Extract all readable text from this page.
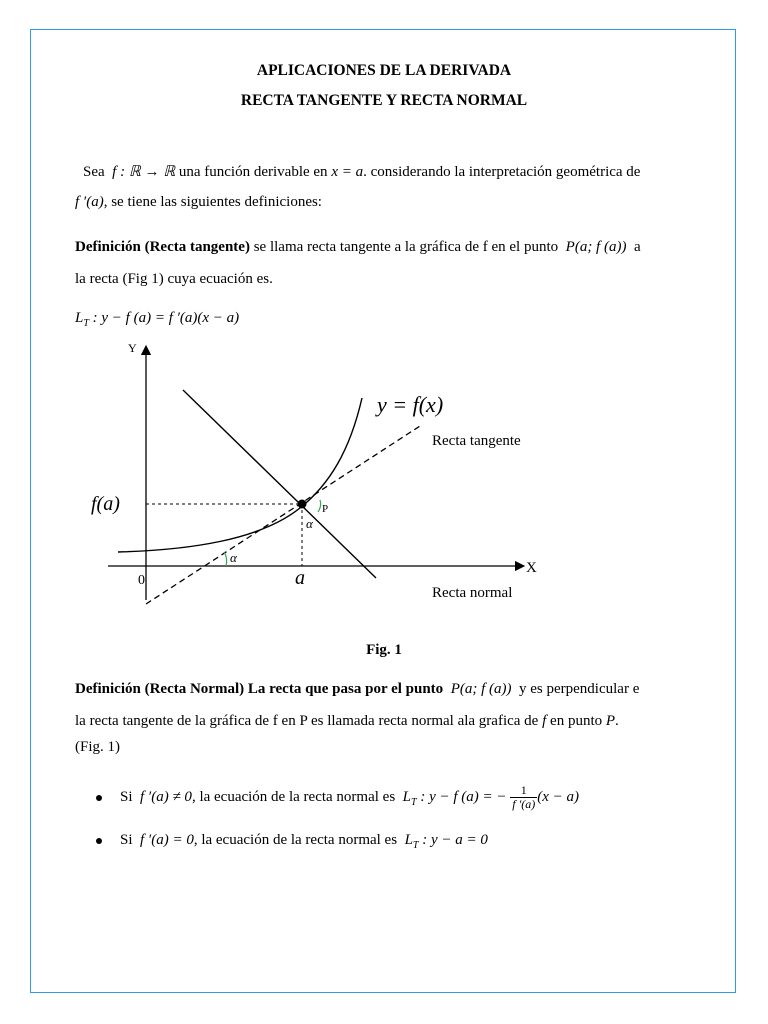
APLICACIONES DE LA DERIVADA
RECTA TANGENTE Y RECTA NORMAL
Sea f : ℝ → ℝ una función derivable en x = a. considerando la interpretación geométrica de
f ′(a), se tiene las siguientes definiciones:
Definición (Recta tangente) se llama recta tangente a la gráfica de f en el punto P(a; f (a)) a
la recta (Fig 1) cuya ecuación es.
$L_T$ : y − f (a) = f ′(a)(x − a)
Y
X
0
y = f(x)
Recta tangente
Recta normal
f(a)
a
P
α
α
Fig. 1
Definición (Recta Normal) La recta que pasa por el punto P(a; f (a)) y es perpendicular e
la recta tangente de la gráfica de f en P es llamada recta normal ala grafica de f en punto P.
(Fig. 1)
Si f ′(a) ≠ 0, la ecuación de la recta normal es $L_T$ : y − f (a) = − $\frac{1}{f '(a)} (x - a)$
Si f ′(a) = 0, la ecuación de la recta normal es $L_T$ : y − a = 0
